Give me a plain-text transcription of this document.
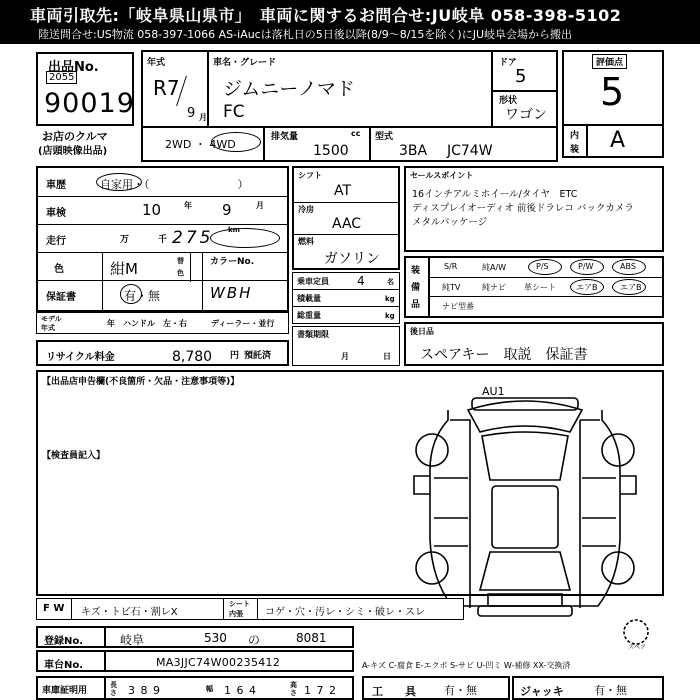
車両引取先:「岐阜県山県市」　車両に関するお問合せ:JU岐阜 058-398-5102
陸送問合せ:US物流 058-397-1066 AS-iAucは落札日の5日後以降(8/9〜8/15を除く)にJU岐阜会場から搬出
出品No.
2055
90019
お店のクルマ
(店頭映像出品)
年式
R7
9 月
車名・グレード
ジムニーノマド
FC
ドア
5
形状
ワゴン
2WD ・ 4WD
排気量	cc
1500
型式
3BA JC74W
評価点
5
内
装 A
車歴	自家用・（　　　　　　　　）
車検	10	年 9	月
走行	万	千 275 km
色	紺M	替
色
カラーNo.
WBH
保証書	有・無
モデル
年式	年 ハンドル　左・右	ディーラー・並行
リサイクル料金	8,780 円 預託済
シフト
AT
冷房
AAC
燃料
ガソリン
乗車定員 4	名
積載量	kg
総重量	kg
書類期限
月	日
セールスポイント
16インチアルミホイール/タイヤ　ETC
ディスプレイオーディオ 前後ドラレコ バックカメラ
メタルパッケージ
装
備
品
S/R	純A/W	P/S	P/W	ABS
純TV	純ナビ 革シート	エアB	エアB
ナビ型番
後日品
スペアキー　取説　保証書
【出品店申告欄(不良箇所・欠品・注意事項等)】
【検査員記入】
AU1
スペア
F W キズ・トビ石・割レX
シート
内張 コゲ・穴・汚レ・シミ・破レ・スレ
登録No.	岐阜	530 の	8081
車台No.	MA3JJC74W00235412	A-キズ C-腐食 E-エクボ S-サビ U-凹ミ W-補修 XX-交換済
車庫証明用
長さ 3 8 9	幅 1 6 4	高さ 1 7 2	工　　具	有・無	ジャッキ	有・無
